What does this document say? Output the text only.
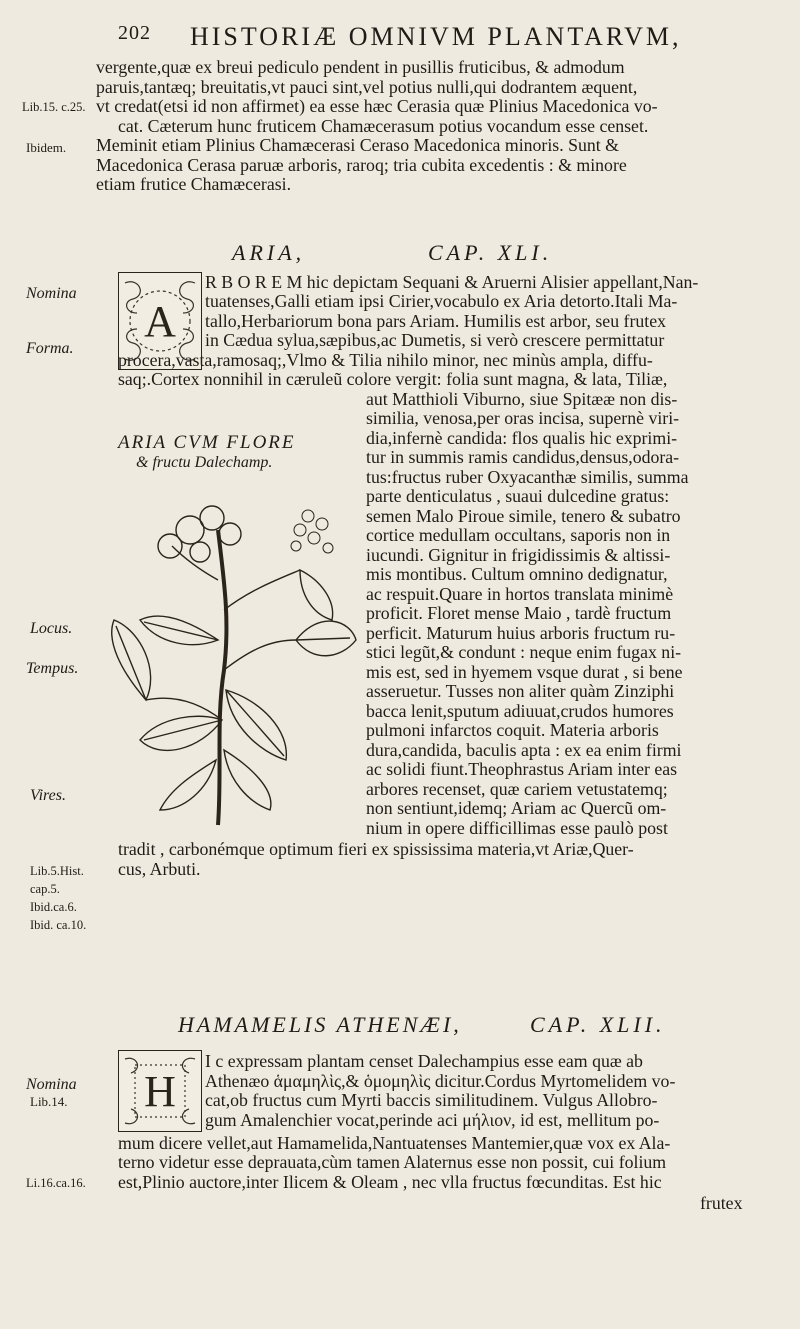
202 HISTORIÆ OMNIVM PLANTARVM,
vergente,quæ ex breui pediculo pendent in pusillis fruticibus, & admodum
paruis,tantæq; breuitatis,vt pauci sint,vel potius nulli,qui dodrantem æquent,
vt credat(etsi id non affirmet) ea esse hæc Cerasia quæ Plinius Macedonica vo-
cat. Cæterum hunc fruticem Chamæcerasum potius vocandum esse censet.
Meminit etiam Plinius Chamæcerasi Ceraso Macedonica minoris. Sunt &
Macedonica Cerasa paruæ arboris, raroq; tria cubita excedentis : & minore
etiam frutice Chamæcerasi.
Lib.15. c.25.
Ibidem.
ARIA,	CAP. XLI.
A
R B O R E M hic depictam Sequani & Aruerni Alisier appellant,Nan-
tuatenses,Galli etiam ipsi Cirier,vocabulo ex Aria detorto.Itali Ma-
tallo,Herbariorum bona pars Ariam. Humilis est arbor, seu frutex
in Cædua sylua,sæpibus,ac Dumetis, si verò crescere permittatur
procera,vasta,ramosaq;,Vlmo & Tilia nihilo minor, nec minùs ampla, diffu-
saq;.Cortex nonnihil in cæruleũ colore vergit: folia sunt magna, & lata, Tiliæ,
aut Matthioli Viburno, siue Spitææ non dis-
similia, venosa,per oras incisa, supernè viri-
dia,infernè candida: flos qualis hic exprimi-
tur in summis ramis candidus,densus,odora-
tus:fructus ruber Oxyacanthæ similis, summa
parte denticulatus , suaui dulcedine gratus:
semen Malo Piroue simile, tenero & subatro
cortice medullam occultans, saporis non in
iucundi. Gignitur in frigidissimis & altissi-
mis montibus. Cultum omnino dedignatur,
ac respuit.Quare in hortos translata minimè
proficit. Floret mense Maio , tardè fructum
perficit. Maturum huius arboris fructum ru-
stici legũt,& condunt : neque enim fugax ni-
mis est, sed in hyemem vsque durat , si bene
asseruetur. Tusses non aliter quàm Zinziphi
bacca lenit,sputum adiuuat,crudos humores
pulmoni infarctos coquit. Materia arboris
dura,candida, baculis apta : ex ea enim firmi
ac solidi fiunt.Theophrastus Ariam inter eas
arbores recenset, quæ cariem vetustatemq;
non sentiunt,idemq; Ariam ac Quercũ om-
nium in opere difficillimas esse paulò post
tradit , carbonémque optimum fieri ex spississima materia,vt Ariæ,Quer-
cus, Arbuti.
ARIA CVM FLORE
& fructu Dalechamp.
Nomina
Forma.
Locus.
Tempus.
Vires.
Lib.5.Hist.
cap.5.
Ibid.ca.6.
Ibid. ca.10.
HAMAMELIS ATHENÆI,	CAP. XLII.
H
I c expressam plantam censet Dalechampius esse eam quæ ab
Athenæo ἁμαμηλὶς,& ὁμομηλὶς dicitur.Cordus Myrtomelidem vo-
cat,ob fructus cum Myrti baccis similitudinem. Vulgus Allobro-
gum Amalenchier vocat,perinde aci μήλιον, id est, mellitum po-
mum dicere vellet,aut Hamamelida,Nantuatenses Mantemier,quæ vox ex Ala-
terno videtur esse deprauata,cùm tamen Alaternus esse non possit, cui folium
est,Plinio auctore,inter Ilicem & Oleam , nec vlla fructus fœcunditas. Est hic
frutex
Nomina
Lib.14.
Li.16.ca.16.
